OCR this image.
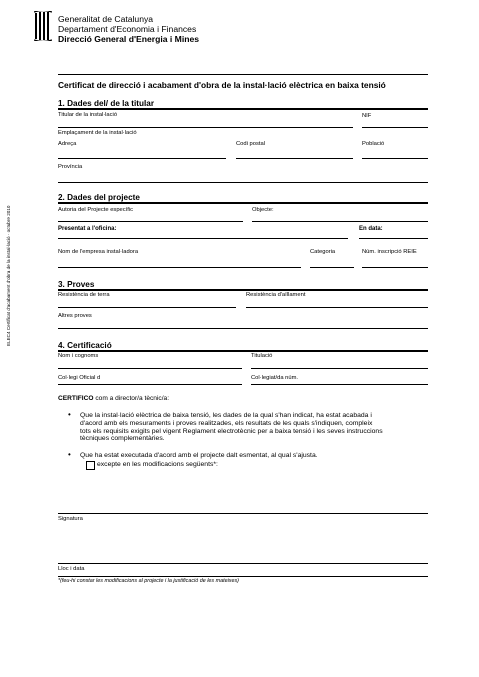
Generalitat de Catalunya
Departament d'Economia i Finances
Direcció General d'Energia i Mines
ELEC4 Certificat d'acabament d'obra de la instal·lació · octubre 2010
Certificat de direcció i acabament d'obra de la instal·lació elèctrica en baixa tensió
1. Dades del/ de la titular
Titular de la instal·lació	NIF
Emplaçament de la instal·lació
Adreça	Codi postal	Població
Província
2. Dades del projecte
Autoria del Projecte específic	Objecte:
Presentat a l'oficina:	En data:
Nom de l'empresa instal·ladora	Categoria	Núm. inscripció REIE
3. Proves
Resistència de terra	Resistència d'aïllament
Altres proves
4. Certificació
Nom i cognoms	Titulació
Col·legi Oficial d	Col·legiat/da núm.
CERTIFICO com a director/a tècnic/a:
• Que la instal·lació elèctrica de baixa tensió, les dades de la qual s'han indicat, ha estat acabada i
d'acord amb els mesuraments i proves realitzades, els resultats de les quals s'indiquen, compleix
tots els requisits exigits pel vigent Reglament electrotècnic per a baixa tensió i les seves instruccions
tècniques complementàries.
• Que ha estat executada d'acord amb el projecte dalt esmentat, al qual s'ajusta.
excepte en les modificacions següents*:
Signatura
Lloc i data
*(feu-hi constar les modificacions al projecte i la justificació de les mateixes)
